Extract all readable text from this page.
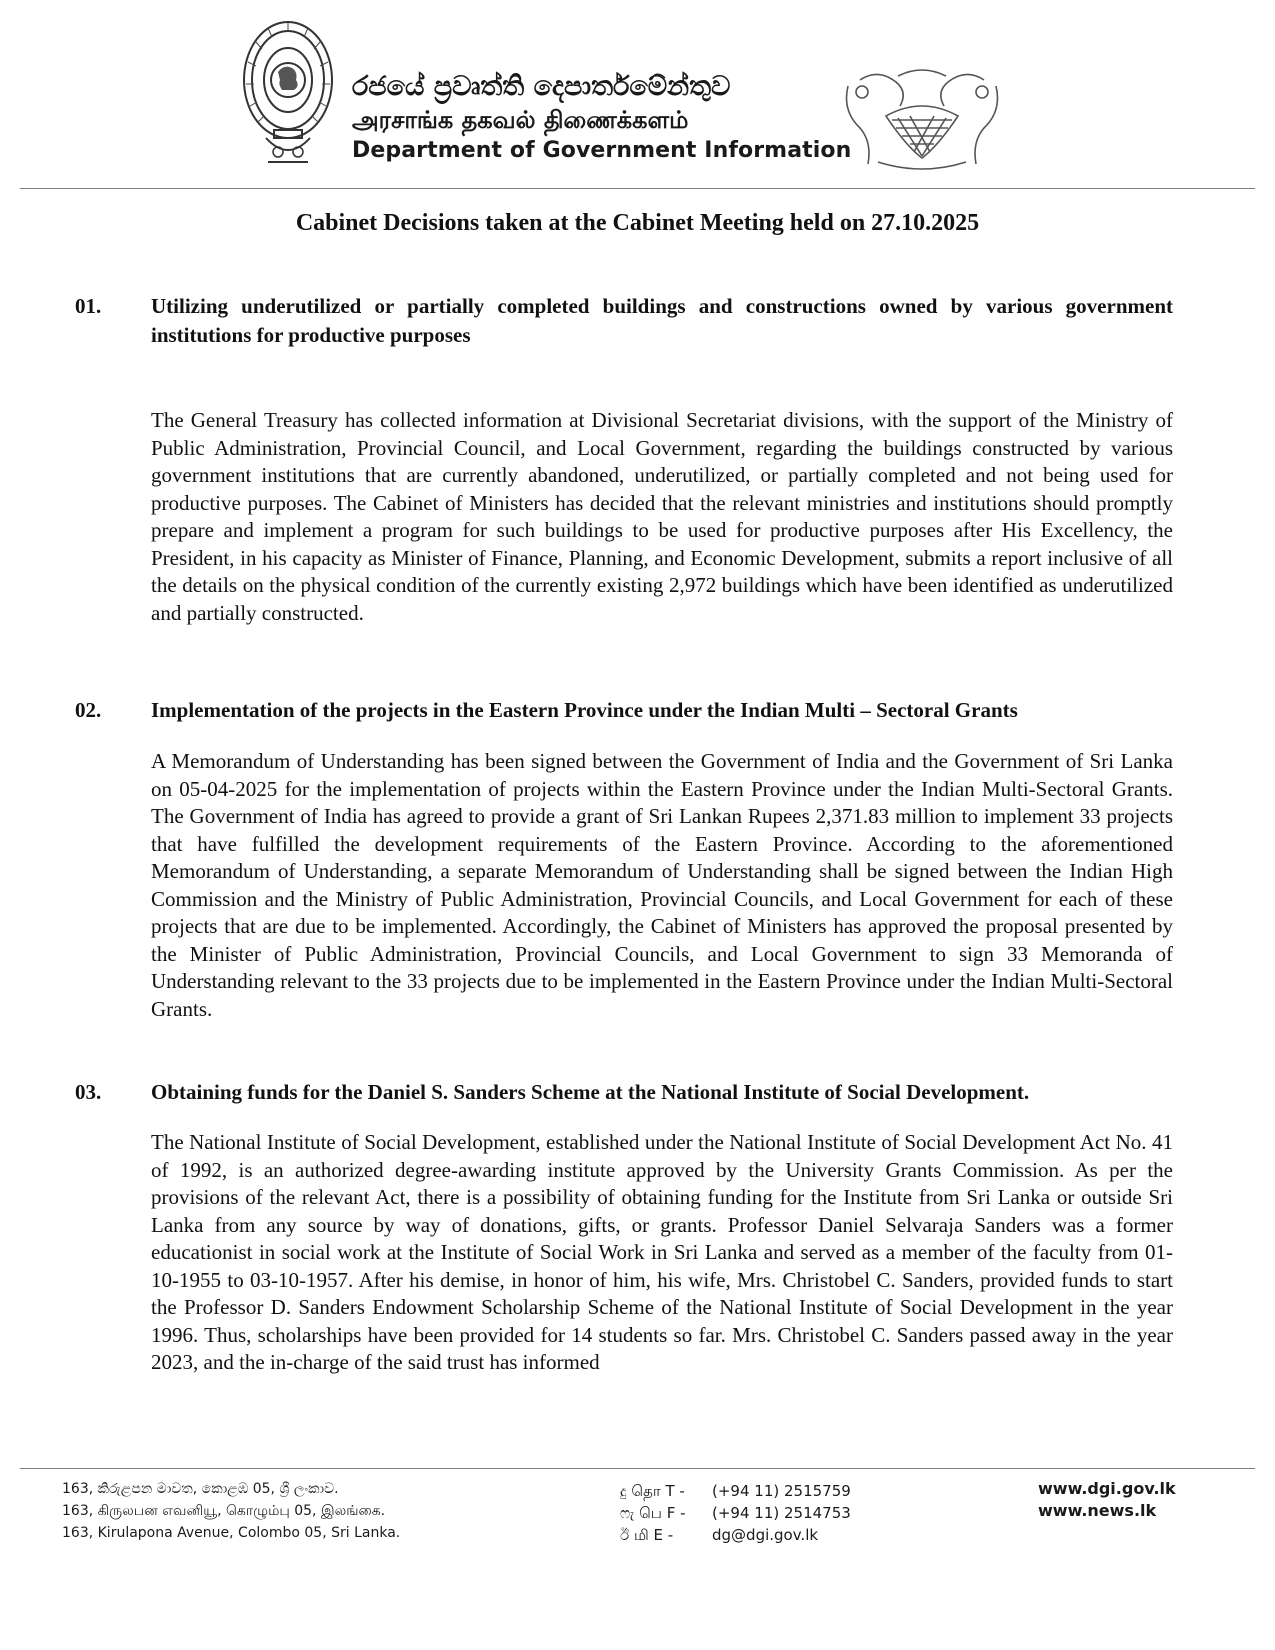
රජයේ ප්‍රවෘත්ති දෙපාර්තමේන්තුව
அரசாங்க தகவல் திணைக்களம்
Department of Government Information
Cabinet Decisions taken at the Cabinet Meeting held on 27.10.2025
01. Utilizing underutilized or partially completed buildings and constructions owned by various government institutions for productive purposes
The General Treasury has collected information at Divisional Secretariat divisions, with the support of the Ministry of Public Administration, Provincial Council, and Local Government, regarding the buildings constructed by various government institutions that are currently abandoned, underutilized, or partially completed and not being used for productive purposes. The Cabinet of Ministers has decided that the relevant ministries and institutions should promptly prepare and implement a program for such buildings to be used for productive purposes after His Excellency, the President, in his capacity as Minister of Finance, Planning, and Economic Development, submits a report inclusive of all the details on the physical condition of the currently existing 2,972 buildings which have been identified as underutilized and partially constructed.
02. Implementation of the projects in the Eastern Province under the Indian Multi – Sectoral Grants
A Memorandum of Understanding has been signed between the Government of India and the Government of Sri Lanka on 05-04-2025 for the implementation of projects within the Eastern Province under the Indian Multi-Sectoral Grants. The Government of India has agreed to provide a grant of Sri Lankan Rupees 2,371.83 million to implement 33 projects that have fulfilled the development requirements of the Eastern Province. According to the aforementioned Memorandum of Understanding, a separate Memorandum of Understanding shall be signed between the Indian High Commission and the Ministry of Public Administration, Provincial Councils, and Local Government for each of these projects that are due to be implemented. Accordingly, the Cabinet of Ministers has approved the proposal presented by the Minister of Public Administration, Provincial Councils, and Local Government to sign 33 Memoranda of Understanding relevant to the 33 projects due to be implemented in the Eastern Province under the Indian Multi-Sectoral Grants.
03. Obtaining funds for the Daniel S. Sanders Scheme at the National Institute of Social Development.
The National Institute of Social Development, established under the National Institute of Social Development Act No. 41 of 1992, is an authorized degree-awarding institute approved by the University Grants Commission. As per the provisions of the relevant Act, there is a possibility of obtaining funding for the Institute from Sri Lanka or outside Sri Lanka from any source by way of donations, gifts, or grants. Professor Daniel Selvaraja Sanders was a former educationist in social work at the Institute of Social Work in Sri Lanka and served as a member of the faculty from 01-10-1955 to 03-10-1957. After his demise, in honor of him, his wife, Mrs. Christobel C. Sanders, provided funds to start the Professor D. Sanders Endowment Scholarship Scheme of the National Institute of Social Development in the year 1996. Thus, scholarships have been provided for 14 students so far. Mrs. Christobel C. Sanders passed away in the year 2023, and the in-charge of the said trust has informed
163, කිරුළපන මාවත, කොළඹ 05, ශ්‍රී ලංකාව.
163, கிருலபன எவனியூ, கொழும்பு 05, இலங்கை.
163, Kirulapona Avenue, Colombo 05, Sri Lanka.
දු தொ T -	(+94 11) 2515759
ෆැ பெ F -	(+94 11) 2514753
ඊ மி E -	dg@dgi.gov.lk
www.dgi.gov.lk
www.news.lk
